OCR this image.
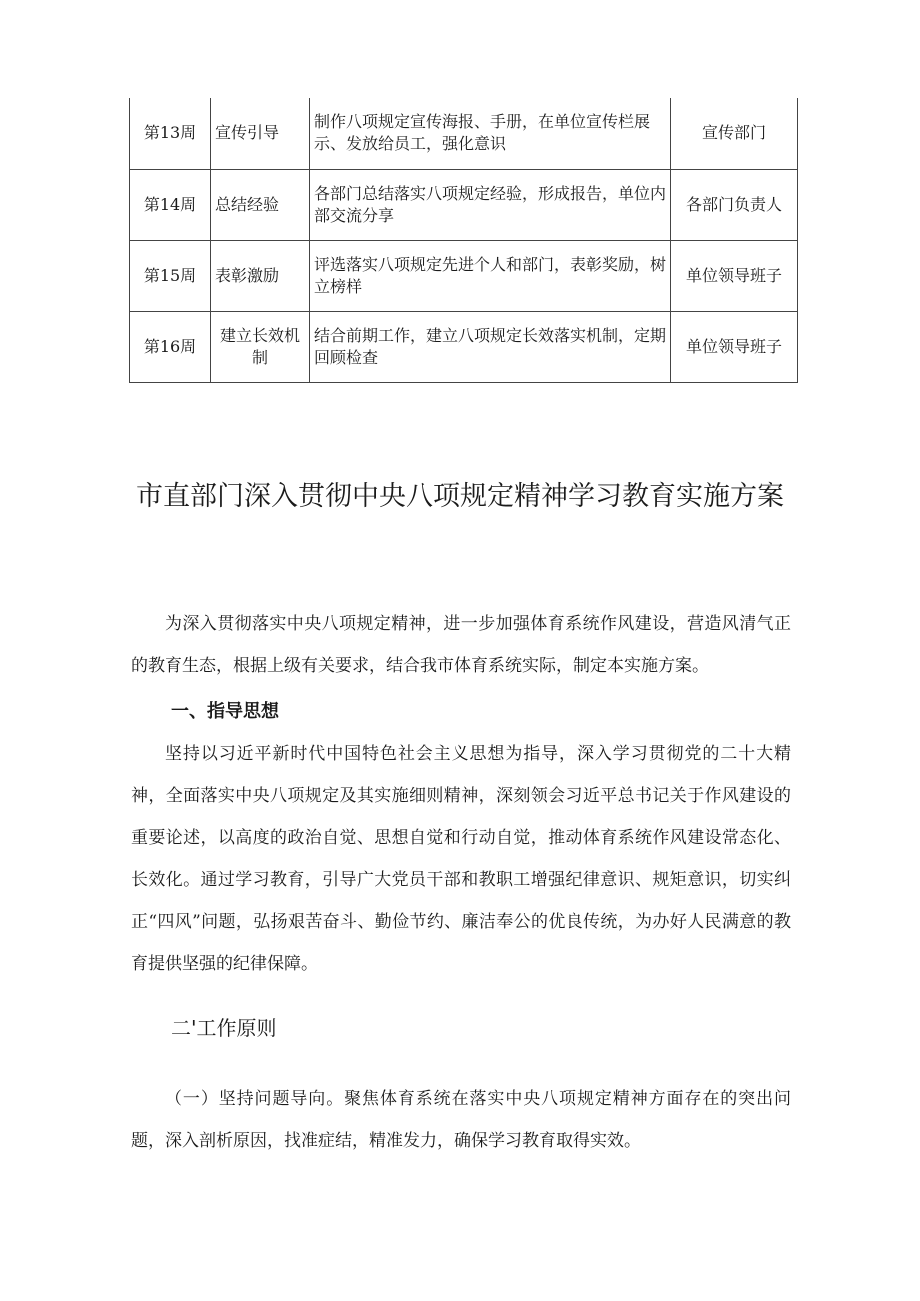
第13周	宣传引导	制作八项规定宣传海报、手册，在单位宣传栏展示、发放给员工，强化意识	宣传部门
第14周	总结经验	各部门总结落实八项规定经验，形成报告，单位内部交流分享	各部门负责人
第15周	表彰激励	评选落实八项规定先进个人和部门，表彰奖励，树立榜样	单位领导班子
第16周	建立长效机制	结合前期工作，建立八项规定长效落实机制，定期回顾检查	单位领导班子
市直部门深入贯彻中央八项规定精神学习教育实施方案

为深入贯彻落实中央八项规定精神，进一步加强体育系统作风建设，营造风清气正的教育生态，根据上级有关要求，结合我市体育系统实际，制定本实施方案。

一、指导思想

坚持以习近平新时代中国特色社会主义思想为指导，深入学习贯彻党的二十大精神，全面落实中央八项规定及其实施细则精神，深刻领会习近平总书记关于作风建设的重要论述，以高度的政治自觉、思想自觉和行动自觉，推动体育系统作风建设常态化、长效化。通过学习教育，引导广大党员干部和教职工增强纪律意识、规矩意识，切实纠正“四风”问题，弘扬艰苦奋斗、勤俭节约、廉洁奉公的优良传统，为办好人民满意的教育提供坚强的纪律保障。

二'工作原则

（一）坚持问题导向。聚焦体育系统在落实中央八项规定精神方面存在的突出问题，深入剖析原因，找准症结，精准发力，确保学习教育取得实效。
